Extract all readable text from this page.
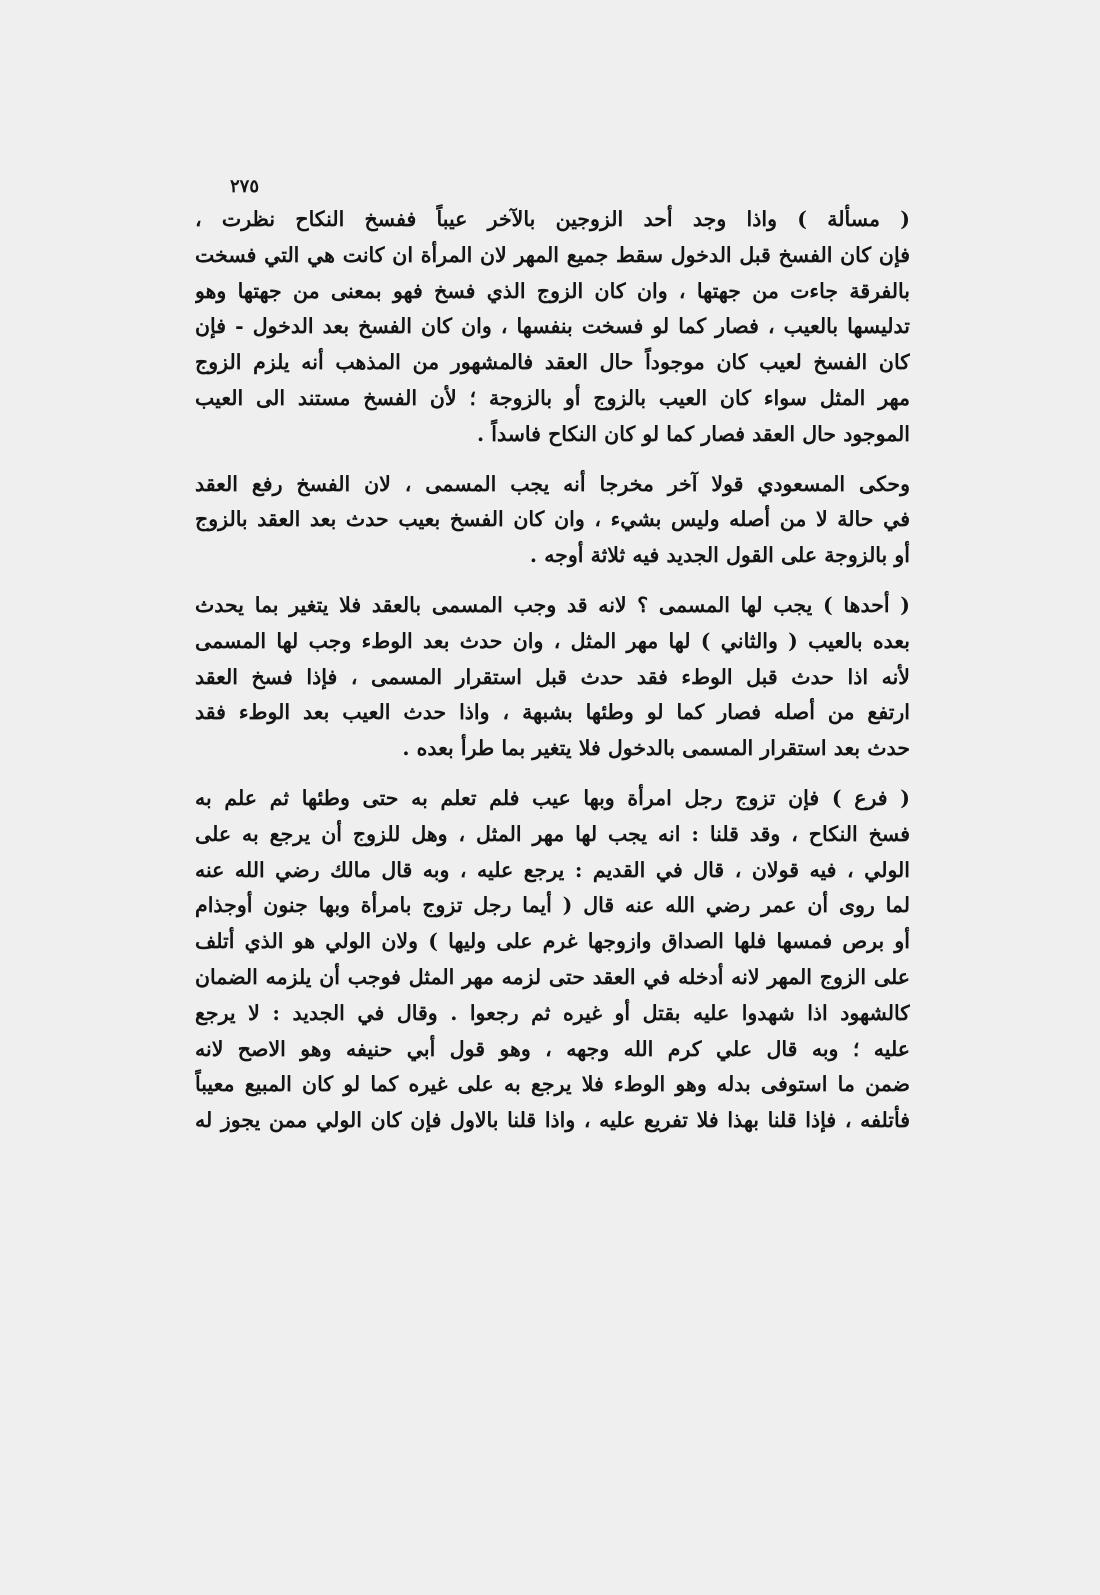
٢٧٥
( مسألة ) واذا وجد أحد الزوجين بالآخر عيباً ففسخ النكاح نظرت ،
فإن كان الفسخ قبل الدخول سقط جميع المهر لان المرأة ان كانت هي التي فسخت
بالفرقة جاءت من جهتها ، وان كان الزوج الذي فسخ فهو بمعنى من جهتها وهو
تدليسها بالعيب ، فصار كما لو فسخت بنفسها ، وان كان الفسخ بعد الدخول - فإن
كان الفسخ لعيب كان موجوداً حال العقد فالمشهور من المذهب أنه يلزم الزوج
مهر المثل سواء كان العيب بالزوج أو بالزوجة ؛ لأن الفسخ مستند الى العيب
الموجود حال العقد فصار كما لو كان النكاح فاسداً .
وحكى المسعودي قولا آخر مخرجا أنه يجب المسمى ، لان الفسخ رفع العقد
في حالة لا من أصله وليس بشيء ، وان كان الفسخ بعيب حدث بعد العقد بالزوج
أو بالزوجة على القول الجديد فيه ثلاثة أوجه .
( أحدها ) يجب لها المسمى ؟ لانه قد وجب المسمى بالعقد فلا يتغير بما يحدث
بعده بالعيب ( والثاني ) لها مهر المثل ، وان حدث بعد الوطء وجب لها المسمى
لأنه اذا حدث قبل الوطء فقد حدث قبل استقرار المسمى ، فإذا فسخ العقد
ارتفع من أصله فصار كما لو وطئها بشبهة ، واذا حدث العيب بعد الوطء فقد
حدث بعد استقرار المسمى بالدخول فلا يتغير بما طرأ بعده .
( فرع ) فإن تزوج رجل امرأة وبها عيب فلم تعلم به حتى وطئها ثم علم به
فسخ النكاح ، وقد قلنا : انه يجب لها مهر المثل ، وهل للزوج أن يرجع به على
الولي ، فيه قولان ، قال في القديم : يرجع عليه ، وبه قال مالك رضي الله عنه
لما روى أن عمر رضي الله عنه قال ( أيما رجل تزوج بامرأة وبها جنون أوجذام
أو برص فمسها فلها الصداق وازوجها غرم على وليها ) ولان الولي هو الذي أتلف
على الزوج المهر لانه أدخله في العقد حتى لزمه مهر المثل فوجب أن يلزمه الضمان
كالشهود اذا شهدوا عليه بقتل أو غيره ثم رجعوا . وقال في الجديد : لا يرجع
عليه ؛ وبه قال علي كرم الله وجهه ، وهو قول أبي حنيفه وهو الاصح لانه
ضمن ما استوفى بدله وهو الوطء فلا يرجع به على غيره كما لو كان المبيع معيباً
فأتلفه ، فإذا قلنا بهذا فلا تفريع عليه ، واذا قلنا بالاول فإن كان الولي ممن يجوز له
